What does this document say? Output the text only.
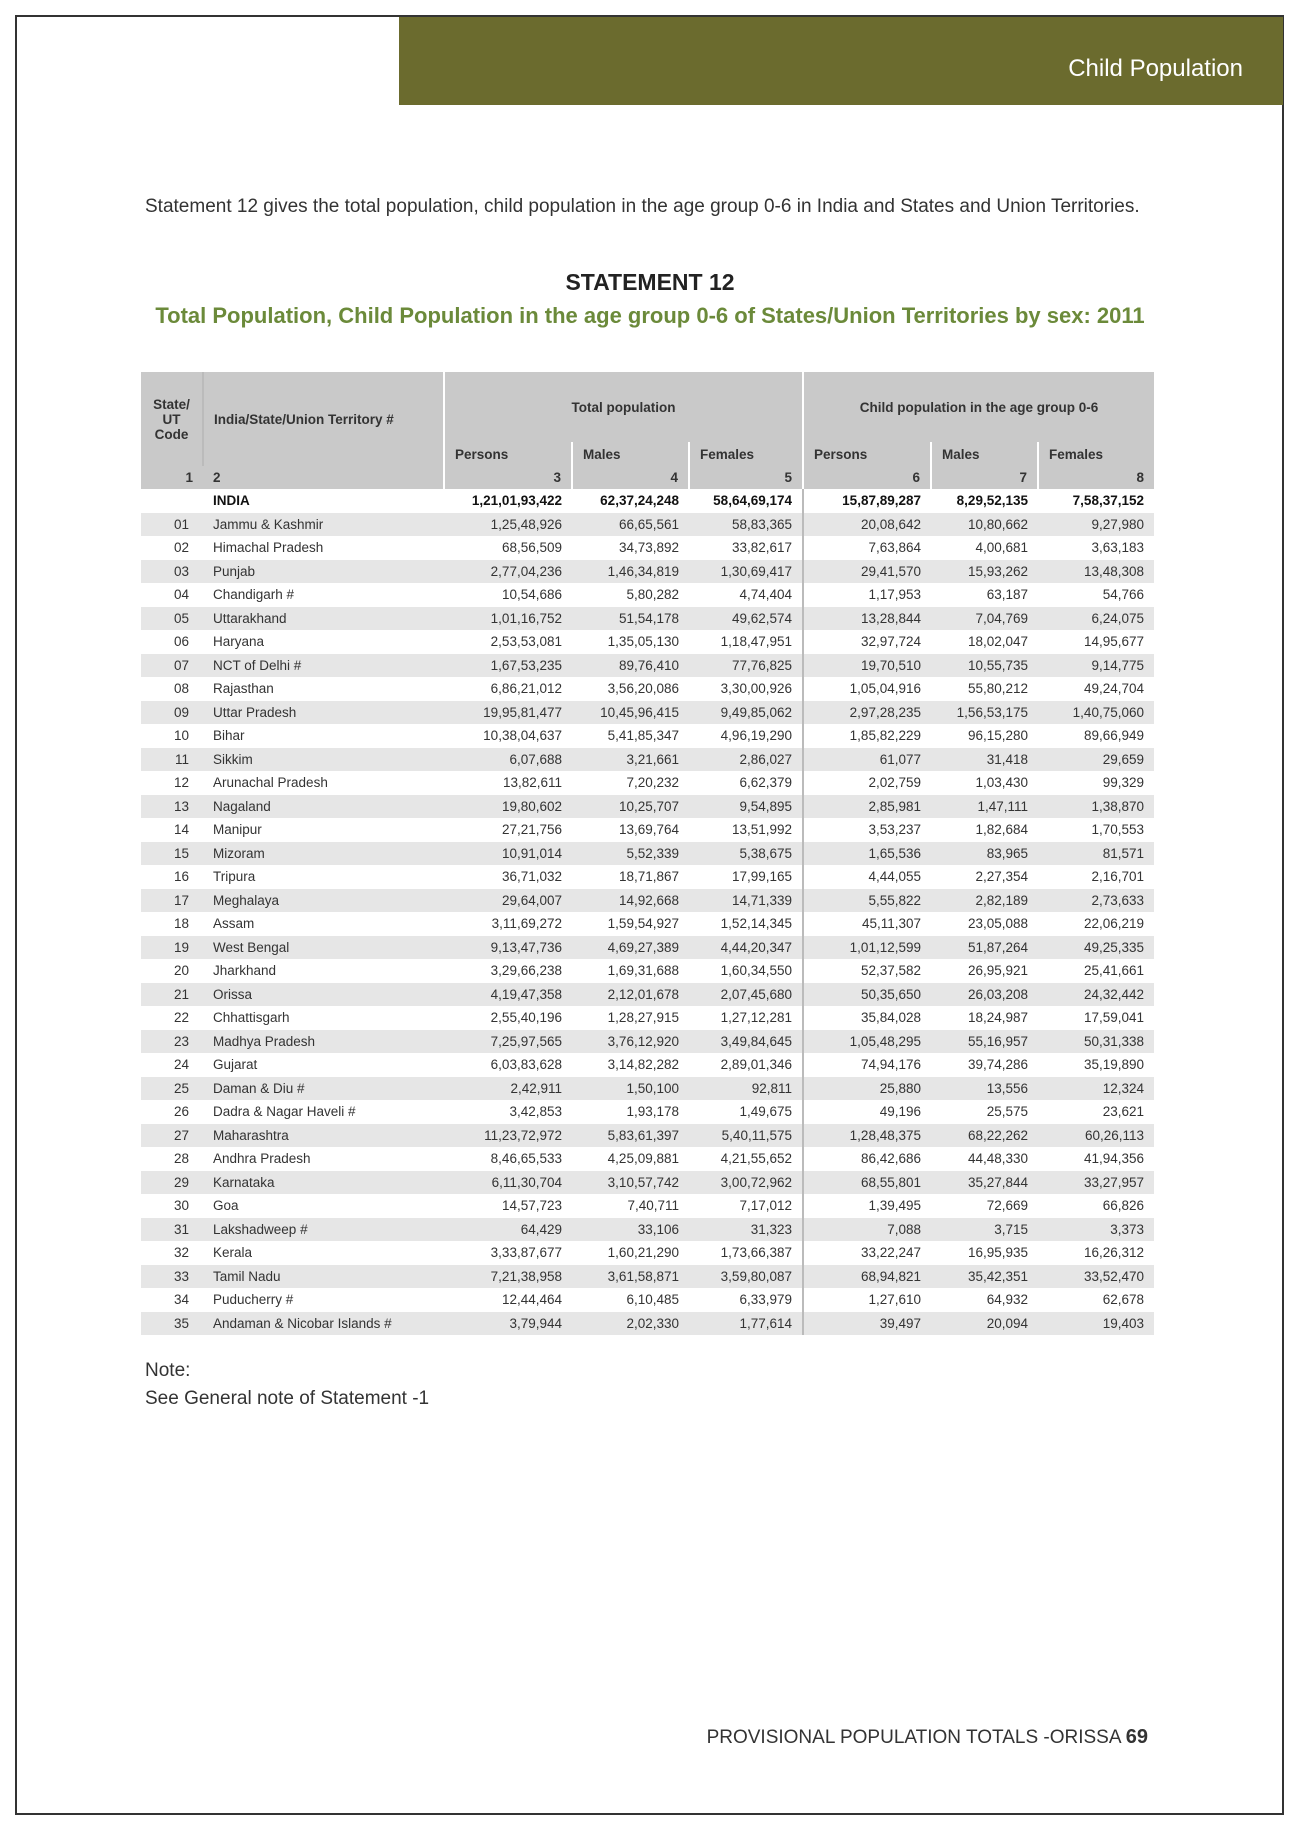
Child Population
Statement 12 gives the total population, child population in the age group 0-6 in India and States and Union Territories.
STATEMENT 12
Total Population, Child Population in the age group 0-6 of States/Union Territories by sex: 2011
State/ UT Code	India/State/Union Territory #	Total population			Child population in the age group 0-6		
		Persons	Males	Females	Persons	Males	Females
1	2	3	4	5	6	7	8
	INDIA	1,21,01,93,422	62,37,24,248	58,64,69,174	15,87,89,287	8,29,52,135	7,58,37,152
01	Jammu & Kashmir	1,25,48,926	66,65,561	58,83,365	20,08,642	10,80,662	9,27,980
02	Himachal Pradesh	68,56,509	34,73,892	33,82,617	7,63,864	4,00,681	3,63,183
03	Punjab	2,77,04,236	1,46,34,819	1,30,69,417	29,41,570	15,93,262	13,48,308
04	Chandigarh #	10,54,686	5,80,282	4,74,404	1,17,953	63,187	54,766
05	Uttarakhand	1,01,16,752	51,54,178	49,62,574	13,28,844	7,04,769	6,24,075
06	Haryana	2,53,53,081	1,35,05,130	1,18,47,951	32,97,724	18,02,047	14,95,677
07	NCT of Delhi #	1,67,53,235	89,76,410	77,76,825	19,70,510	10,55,735	9,14,775
08	Rajasthan	6,86,21,012	3,56,20,086	3,30,00,926	1,05,04,916	55,80,212	49,24,704
09	Uttar Pradesh	19,95,81,477	10,45,96,415	9,49,85,062	2,97,28,235	1,56,53,175	1,40,75,060
10	Bihar	10,38,04,637	5,41,85,347	4,96,19,290	1,85,82,229	96,15,280	89,66,949
11	Sikkim	6,07,688	3,21,661	2,86,027	61,077	31,418	29,659
12	Arunachal Pradesh	13,82,611	7,20,232	6,62,379	2,02,759	1,03,430	99,329
13	Nagaland	19,80,602	10,25,707	9,54,895	2,85,981	1,47,111	1,38,870
14	Manipur	27,21,756	13,69,764	13,51,992	3,53,237	1,82,684	1,70,553
15	Mizoram	10,91,014	5,52,339	5,38,675	1,65,536	83,965	81,571
16	Tripura	36,71,032	18,71,867	17,99,165	4,44,055	2,27,354	2,16,701
17	Meghalaya	29,64,007	14,92,668	14,71,339	5,55,822	2,82,189	2,73,633
18	Assam	3,11,69,272	1,59,54,927	1,52,14,345	45,11,307	23,05,088	22,06,219
19	West Bengal	9,13,47,736	4,69,27,389	4,44,20,347	1,01,12,599	51,87,264	49,25,335
20	Jharkhand	3,29,66,238	1,69,31,688	1,60,34,550	52,37,582	26,95,921	25,41,661
21	Orissa	4,19,47,358	2,12,01,678	2,07,45,680	50,35,650	26,03,208	24,32,442
22	Chhattisgarh	2,55,40,196	1,28,27,915	1,27,12,281	35,84,028	18,24,987	17,59,041
23	Madhya Pradesh	7,25,97,565	3,76,12,920	3,49,84,645	1,05,48,295	55,16,957	50,31,338
24	Gujarat	6,03,83,628	3,14,82,282	2,89,01,346	74,94,176	39,74,286	35,19,890
25	Daman & Diu #	2,42,911	1,50,100	92,811	25,880	13,556	12,324
26	Dadra & Nagar Haveli #	3,42,853	1,93,178	1,49,675	49,196	25,575	23,621
27	Maharashtra	11,23,72,972	5,83,61,397	5,40,11,575	1,28,48,375	68,22,262	60,26,113
28	Andhra Pradesh	8,46,65,533	4,25,09,881	4,21,55,652	86,42,686	44,48,330	41,94,356
29	Karnataka	6,11,30,704	3,10,57,742	3,00,72,962	68,55,801	35,27,844	33,27,957
30	Goa	14,57,723	7,40,711	7,17,012	1,39,495	72,669	66,826
31	Lakshadweep #	64,429	33,106	31,323	7,088	3,715	3,373
32	Kerala	3,33,87,677	1,60,21,290	1,73,66,387	33,22,247	16,95,935	16,26,312
33	Tamil Nadu	7,21,38,958	3,61,58,871	3,59,80,087	68,94,821	35,42,351	33,52,470
34	Puducherry #	12,44,464	6,10,485	6,33,979	1,27,610	64,932	62,678
35	Andaman & Nicobar Islands #	3,79,944	2,02,330	1,77,614	39,497	20,094	19,403
Note:
See General note of Statement -1
PROVISIONAL POPULATION TOTALS -ORISSA 69
